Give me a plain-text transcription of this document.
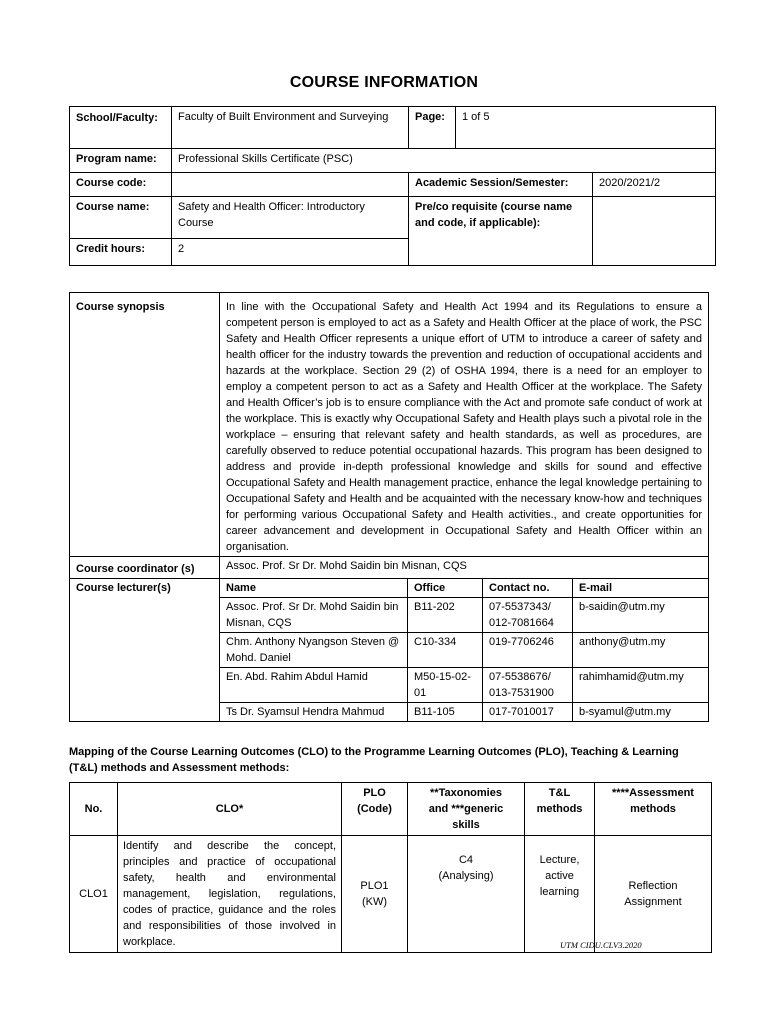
COURSE INFORMATION
School/Faculty:	Faculty of Built Environment and Surveying	Page:	1 of 5	
Program name:	Professional Skills Certificate (PSC)			
Course code:		Academic Session/Semester:		2020/2021/2
Course name:	Safety and Health Officer: Introductory Course	Pre/co requisite (course name and code, if applicable):		
Credit hours:	2			
Course synopsis	In line with the Occupational Safety and Health Act 1994 and its Regulations to ensure a competent person is employed to act as a Safety and Health Officer at the place of work, the PSC Safety and Health Officer represents a unique effort of UTM to introduce a career of safety and health officer for the industry towards the prevention and reduction of occupational accidents and hazards at the workplace. Section 29 (2) of OSHA 1994, there is a need for an employer to employ a competent person to act as a Safety and Health Officer at the workplace. The Safety and Health Officer’s job is to ensure compliance with the Act and promote safe conduct of work at the workplace. This is exactly why Occupational Safety and Health plays such a pivotal role in the workplace – ensuring that relevant safety and health standards, as well as procedures, are carefully observed to reduce potential occupational hazards. This program has been designed to address and provide in-depth professional knowledge and skills for sound and effective Occupational Safety and Health management practice, enhance the legal knowledge pertaining to Occupational Safety and Health and be acquainted with the necessary know-how and techniques for performing various Occupational Safety and Health activities., and create opportunities for career advancement and development in Occupational Safety and Health Officer within an organisation.			
Course coordinator (s)	Assoc. Prof. Sr Dr. Mohd Saidin bin Misnan, CQS			
Course lecturer(s)	Name	Office	Contact no.	E-mail
	Assoc. Prof. Sr Dr. Mohd Saidin bin Misnan, CQS	B11-202	07-5537343/ 012-7081664	b-saidin@utm.my
	Chm. Anthony Nyangson Steven @ Mohd. Daniel	C10-334	019-7706246	anthony@utm.my
	En. Abd. Rahim Abdul Hamid	M50-15-02-01	07-5538676/ 013-7531900	rahimhamid@utm.my
	Ts Dr. Syamsul Hendra Mahmud	B11-105	017-7010017	b-syamul@utm.my
Mapping of the Course Learning Outcomes (CLO) to the Programme Learning Outcomes (PLO), Teaching & Learning (T&L) methods and Assessment methods:
No.	CLO*	PLO (Code)	**Taxonomies and ***generic skills	T&L methods	****Assessment methods
CLO1	Identify and describe the concept, principles and practice of occupational safety, health and environmental management, legislation, regulations, codes of practice, guidance and the roles and responsibilities of those involved in workplace.	PLO1 (KW)	C4 (Analysing)	Lecture, active learning	Reflection Assignment
UTM CIDU.CLV3.2020
